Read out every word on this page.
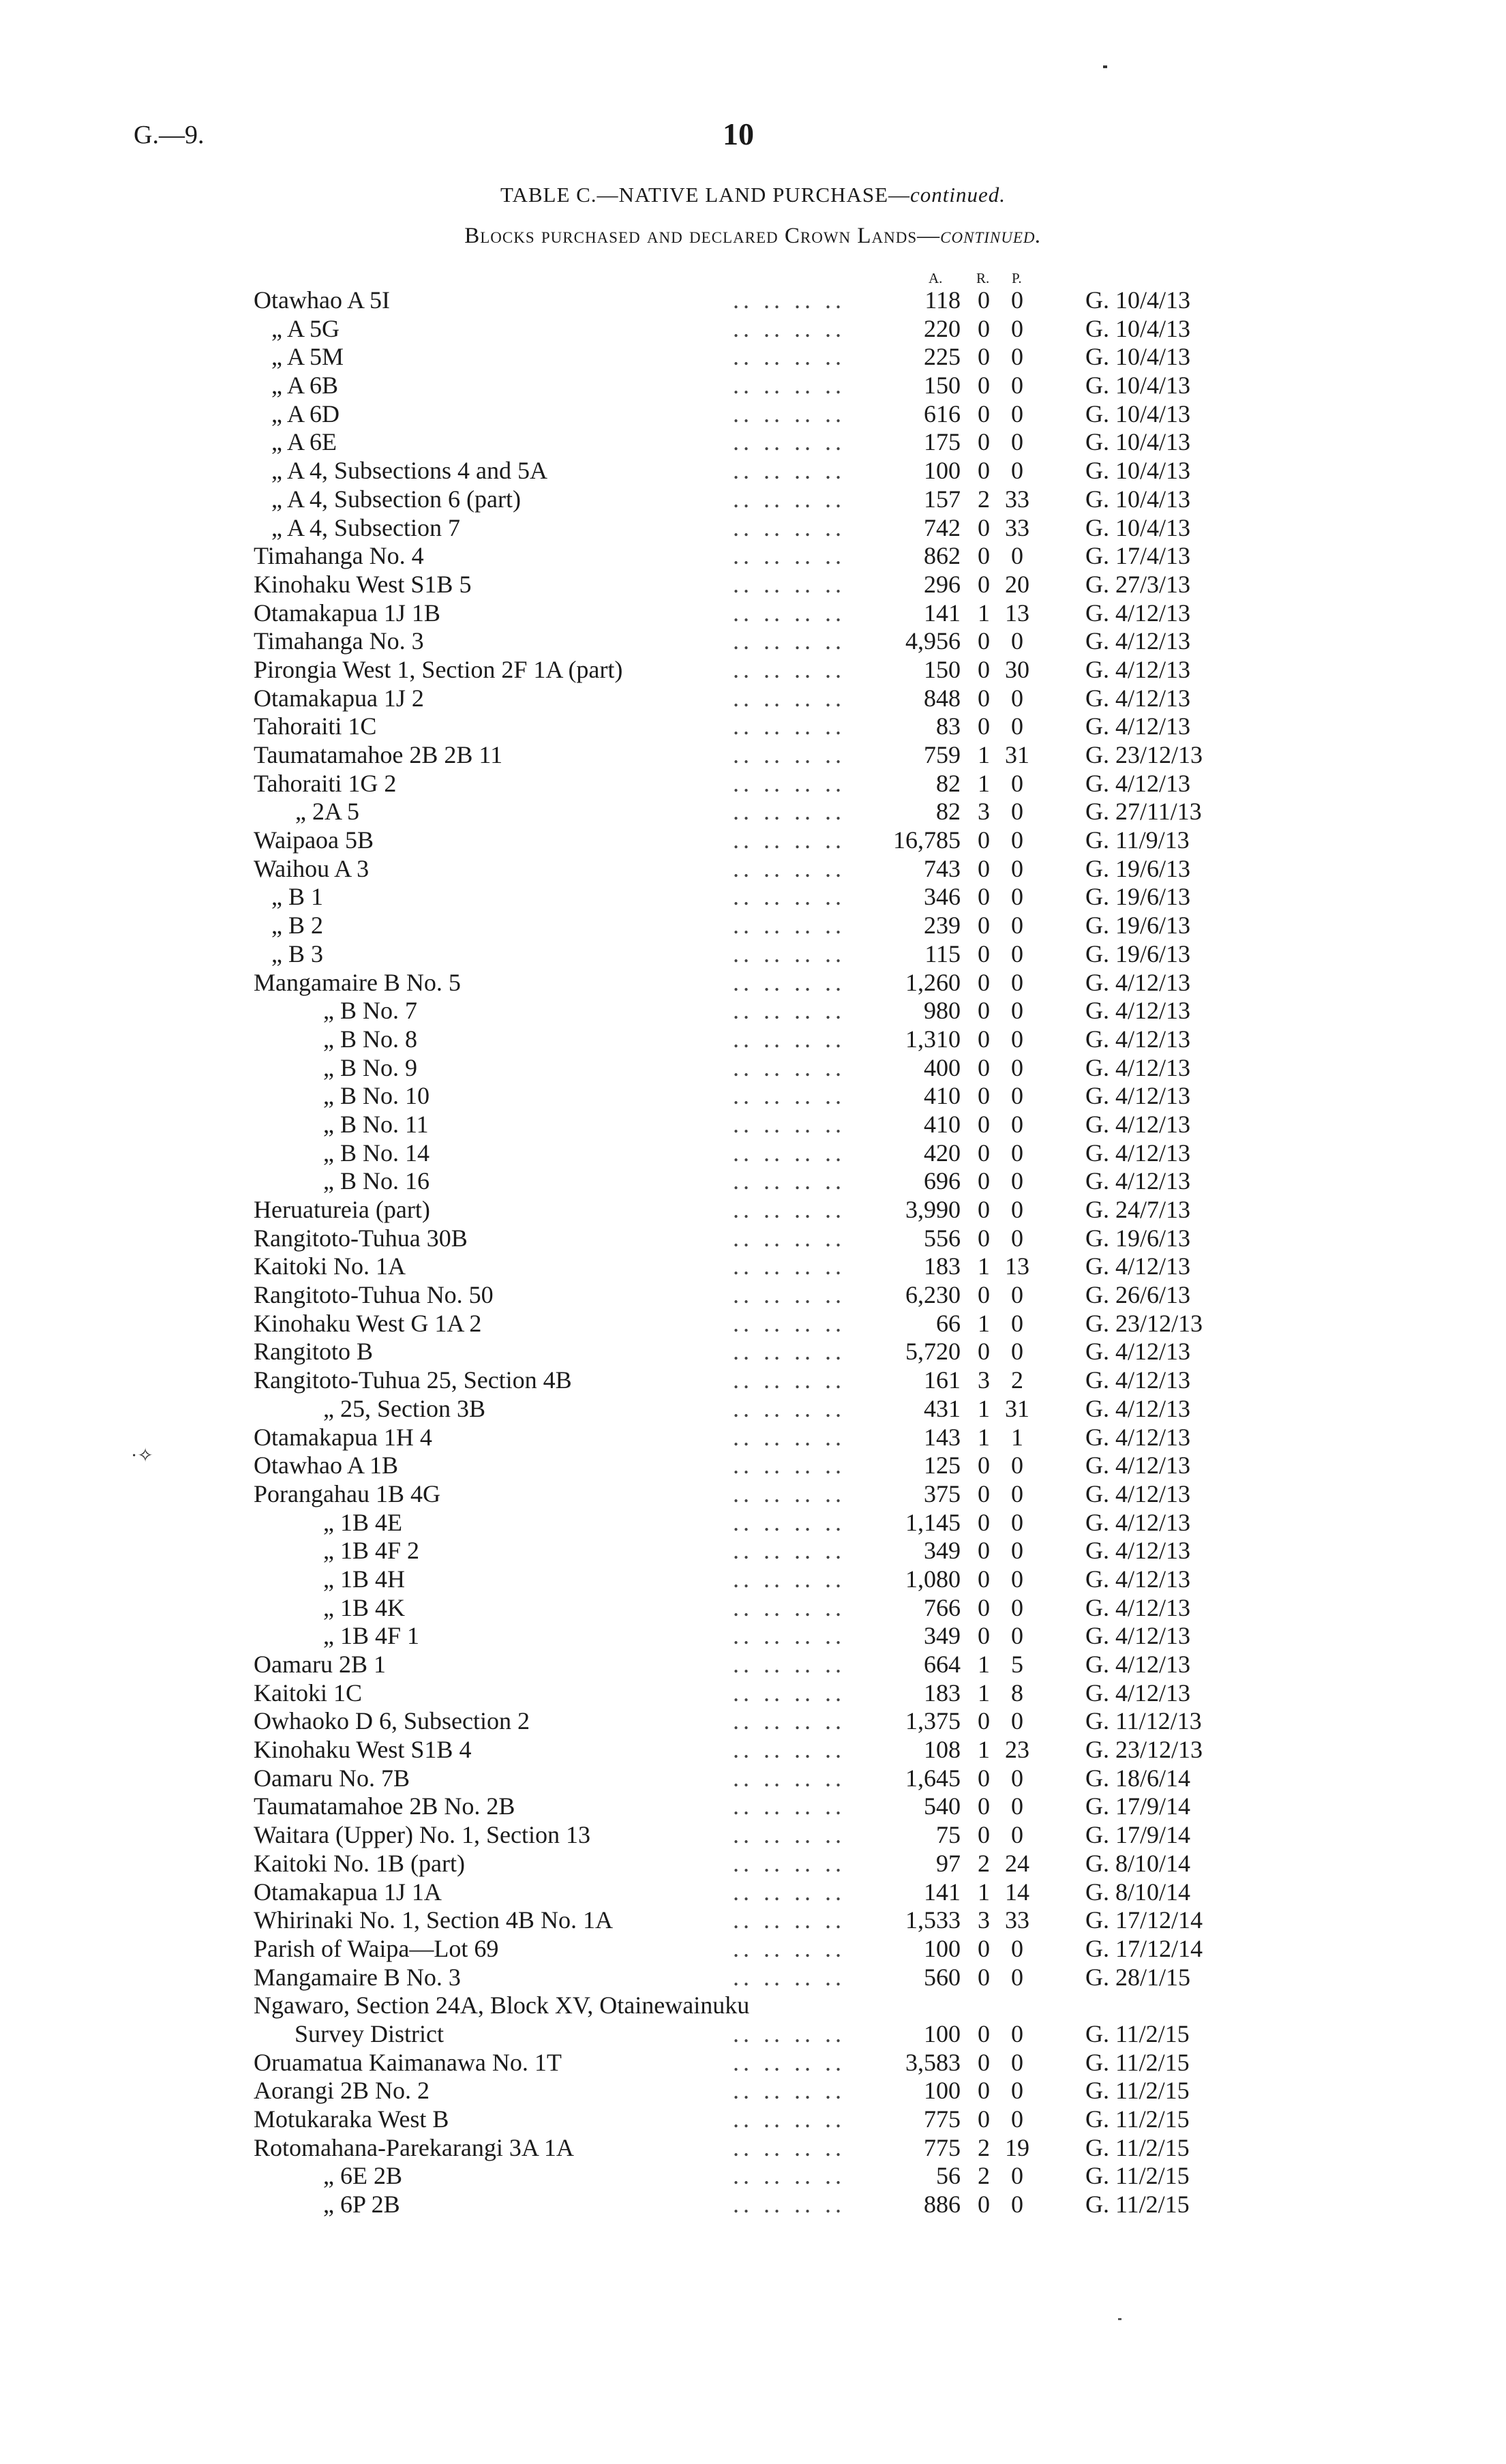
G.—9.	10
TABLE C.—NATIVE LAND PURCHASE—continued.
Blocks purchased and declared Crown Lands—continued.
A. R. P.
Otawhao A 5I	.. .. .. ..	118 0 0	G. 10/4/13
„ A 5G	.. .. .. ..	220 0 0	G. 10/4/13
„ A 5M	.. .. .. ..	225 0 0	G. 10/4/13
„ A 6B	.. .. .. ..	150 0 0	G. 10/4/13
„ A 6D	.. .. .. ..	616 0 0	G. 10/4/13
„ A 6E	.. .. .. ..	175 0 0	G. 10/4/13
„ A 4, Subsections 4 and 5A	.. .. .. ..	100 0 0	G. 10/4/13
„ A 4, Subsection 6 (part)	.. .. .. ..	157 2 33	G. 10/4/13
„ A 4, Subsection 7	.. .. .. ..	742 0 33	G. 10/4/13
Timahanga No. 4	.. .. .. ..	862 0 0	G. 17/4/13
Kinohaku West S1B 5	.. .. .. ..	296 0 20	G. 27/3/13
Otamakapua 1J 1B	.. .. .. ..	141 1 13	G. 4/12/13
Timahanga No. 3	.. .. .. .. 4,956 0 0	G. 4/12/13
Pirongia West 1, Section 2F 1A (part)	.. .. .. ..	150 0 30	G. 4/12/13
Otamakapua 1J 2	.. .. .. ..	848 0 0	G. 4/12/13
Tahoraiti 1C	.. .. .. ..	83 0 0	G. 4/12/13
Taumatamahoe 2B 2B 11	.. .. .. ..	759 1 31	G. 23/12/13
Tahoraiti 1G 2	.. .. .. ..	82 1 0	G. 4/12/13
„ 2A 5	.. .. .. ..	82 3 0	G. 27/11/13
Waipaoa 5B	.. .. .. .. 16,785 0 0	G. 11/9/13
Waihou A 3	.. .. .. ..	743 0 0	G. 19/6/13
„ B 1	.. .. .. ..	346 0 0	G. 19/6/13
„ B 2	.. .. .. ..	239 0 0	G. 19/6/13
„ B 3	.. .. .. ..	115 0 0	G. 19/6/13
Mangamaire B No. 5	.. .. .. .. 1,260 0 0	G. 4/12/13
„ B No. 7	.. .. .. ..	980 0 0	G. 4/12/13
„ B No. 8	.. .. .. .. 1,310 0 0	G. 4/12/13
„ B No. 9	.. .. .. ..	400 0 0	G. 4/12/13
„ B No. 10	.. .. .. ..	410 0 0	G. 4/12/13
„ B No. 11	.. .. .. ..	410 0 0	G. 4/12/13
„ B No. 14	.. .. .. ..	420 0 0	G. 4/12/13
„ B No. 16	.. .. .. ..	696 0 0	G. 4/12/13
Heruatureia (part)	.. .. .. .. 3,990 0 0	G. 24/7/13
Rangitoto-Tuhua 30B	.. .. .. ..	556 0 0	G. 19/6/13
Kaitoki No. 1A	.. .. .. ..	183 1 13	G. 4/12/13
Rangitoto-Tuhua No. 50	.. .. .. .. 6,230 0 0	G. 26/6/13
Kinohaku West G 1A 2	.. .. .. ..	66 1 0	G. 23/12/13
Rangitoto B	.. .. .. .. 5,720 0 0	G. 4/12/13
Rangitoto-Tuhua 25, Section 4B	.. .. .. ..	161 3 2	G. 4/12/13
„ 25, Section 3B	.. .. .. ..	431 1 31	G. 4/12/13
Otamakapua 1H 4	.. .. .. ..	143 1 1	G. 4/12/13
Otawhao A 1B	.. .. .. ..	125 0 0	G. 4/12/13
Porangahau 1B 4G	.. .. .. ..	375 0 0	G. 4/12/13
„ 1B 4E	.. .. .. .. 1,145 0 0	G. 4/12/13
„ 1B 4F 2	.. .. .. ..	349 0 0	G. 4/12/13
„ 1B 4H	.. .. .. .. 1,080 0 0	G. 4/12/13
„ 1B 4K	.. .. .. ..	766 0 0	G. 4/12/13
„ 1B 4F 1	.. .. .. ..	349 0 0	G. 4/12/13
Oamaru 2B 1	.. .. .. ..	664 1 5	G. 4/12/13
Kaitoki 1C	.. .. .. ..	183 1 8	G. 4/12/13
Owhaoko D 6, Subsection 2	.. .. .. .. 1,375 0 0	G. 11/12/13
Kinohaku West S1B 4	.. .. .. ..	108 1 23	G. 23/12/13
Oamaru No. 7B	.. .. .. .. 1,645 0 0	G. 18/6/14
Taumatamahoe 2B No. 2B	.. .. .. ..	540 0 0	G. 17/9/14
Waitara (Upper) No. 1, Section 13	.. .. .. ..	75 0 0	G. 17/9/14
Kaitoki No. 1B (part)	.. .. .. ..	97 2 24	G. 8/10/14
Otamakapua 1J 1A	.. .. .. ..	141 1 14	G. 8/10/14
Whirinaki No. 1, Section 4B No. 1A	.. .. .. .. 1,533 3 33	G. 17/12/14
Parish of Waipa—Lot 69	.. .. .. ..	100 0 0	G. 17/12/14
Mangamaire B No. 3	.. .. .. ..	560 0 0	G. 28/1/15
Ngawaro, Section 24A, Block XV, Otainewainuku
Survey District	.. .. .. ..	100 0 0	G. 11/2/15
Oruamatua Kaimanawa No. 1T	.. .. .. .. 3,583 0 0	G. 11/2/15
Aorangi 2B No. 2	.. .. .. ..	100 0 0	G. 11/2/15
Motukaraka West B	.. .. .. ..	775 0 0	G. 11/2/15
Rotomahana-Parekarangi 3A 1A	.. .. .. ..	775 2 19	G. 11/2/15
„ 6E 2B	.. .. .. ..	56 2 0	G. 11/2/15
„ 6P 2B	.. .. .. ..	886 0 0	G. 11/2/15
·✧
